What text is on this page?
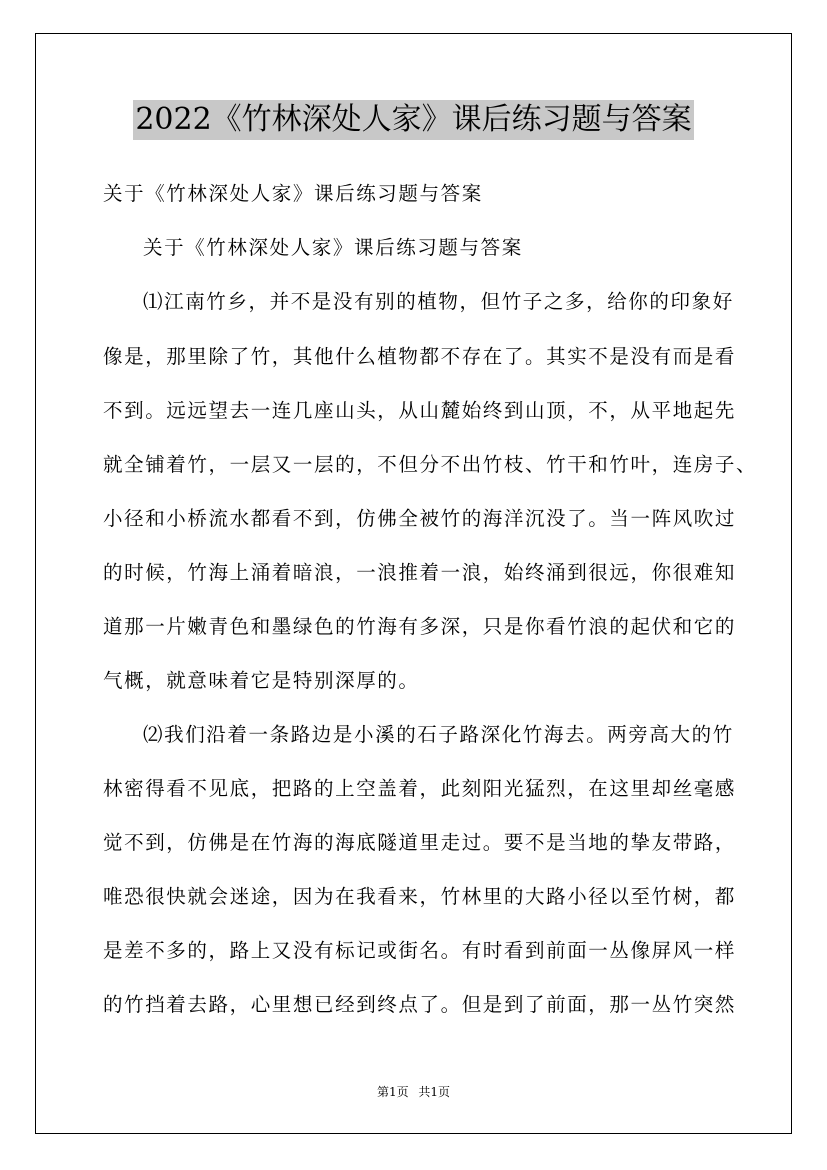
2022《竹林深处人家》课后练习题与答案
关于《竹林深处人家》课后练习题与答案
关于《竹林深处人家》课后练习题与答案
⑴江南竹乡，并不是没有别的植物，但竹子之多，给你的印象好
像是，那里除了竹，其他什么植物都不存在了。其实不是没有而是看
不到。远远望去一连几座山头，从山麓始终到山顶，不，从平地起先
就全铺着竹，一层又一层的，不但分不出竹枝、竹干和竹叶，连房子、
小径和小桥流水都看不到，仿佛全被竹的海洋沉没了。当一阵风吹过
的时候，竹海上涌着暗浪，一浪推着一浪，始终涌到很远，你很难知
道那一片嫩青色和墨绿色的竹海有多深，只是你看竹浪的起伏和它的
气概，就意味着它是特别深厚的。
⑵我们沿着一条路边是小溪的石子路深化竹海去。两旁高大的竹
林密得看不见底，把路的上空盖着，此刻阳光猛烈，在这里却丝毫感
觉不到，仿佛是在竹海的海底隧道里走过。要不是当地的挚友带路，
唯恐很快就会迷途，因为在我看来，竹林里的大路小径以至竹树，都
是差不多的，路上又没有标记或街名。有时看到前面一丛像屏风一样
的竹挡着去路，心里想已经到终点了。但是到了前面，那一丛竹突然
第1页 共1页
